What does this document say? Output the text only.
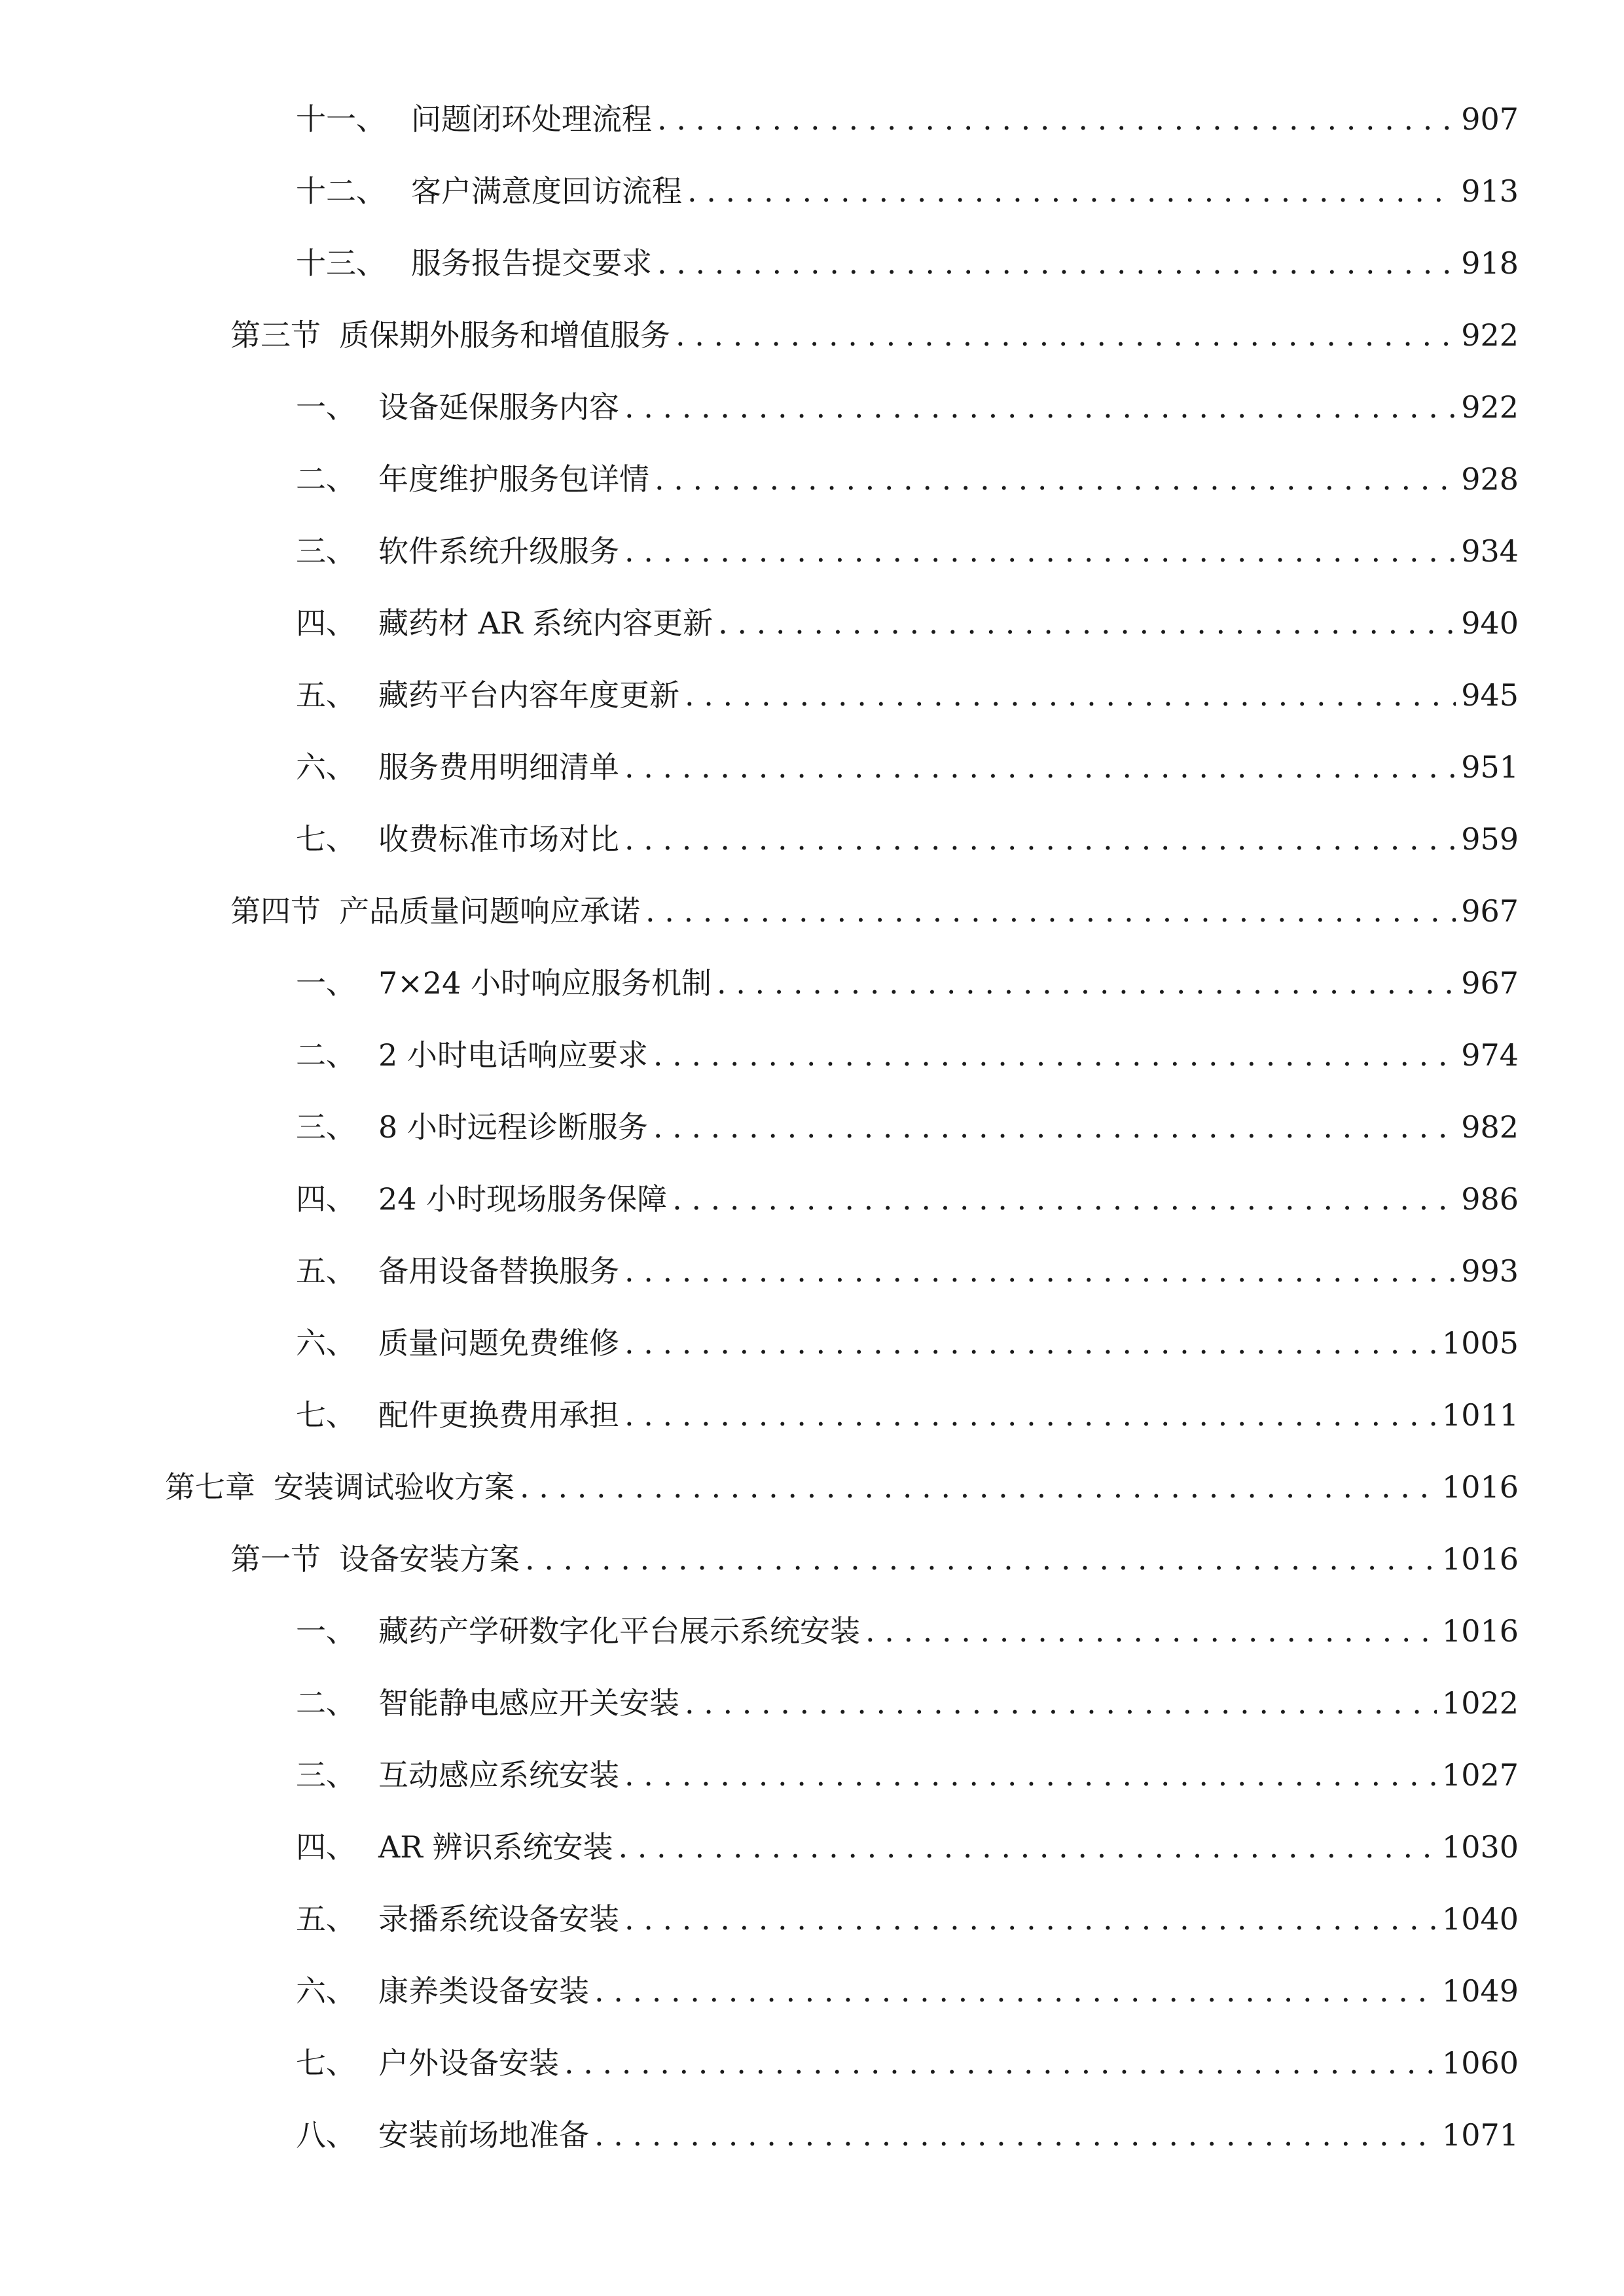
十一、 问题闭环处理流程 . . .	907
十二、 客户满意度回访流程 . . .	913
十三、 服务报告提交要求 . . .	918
第三节 质保期外服务和增值服务 . . .	922
一、 设备延保服务内容 . . .	922
二、 年度维护服务包详情 . . .	928
三、 软件系统升级服务 . . .	934
四、 藏药材 AR 系统内容更新 . . .	940
五、 藏药平台内容年度更新 . . .	945
六、 服务费用明细清单 . . .	951
七、 收费标准市场对比 . . .	959
第四节 产品质量问题响应承诺 . . .	967
一、 7×24 小时响应服务机制 . . .	967
二、 2 小时电话响应要求 . . .	974
三、 8 小时远程诊断服务 . . .	982
四、 24 小时现场服务保障 . . .	986
五、 备用设备替换服务 . . .	993
六、 质量问题免费维修 . . .	1005
七、 配件更换费用承担 . . .	1011
第七章 安装调试验收方案 . . .	1016
第一节 设备安装方案 . . .	1016
一、 藏药产学研数字化平台展示系统安装 . . .	1016
二、 智能静电感应开关安装 . . .	1022
三、 互动感应系统安装 . . .	1027
四、 AR 辨识系统安装 . . .	1030
五、 录播系统设备安装 . . .	1040
六、 康养类设备安装 . . .	1049
七、 户外设备安装 . . .	1060
八、 安装前场地准备 . . .	1071
